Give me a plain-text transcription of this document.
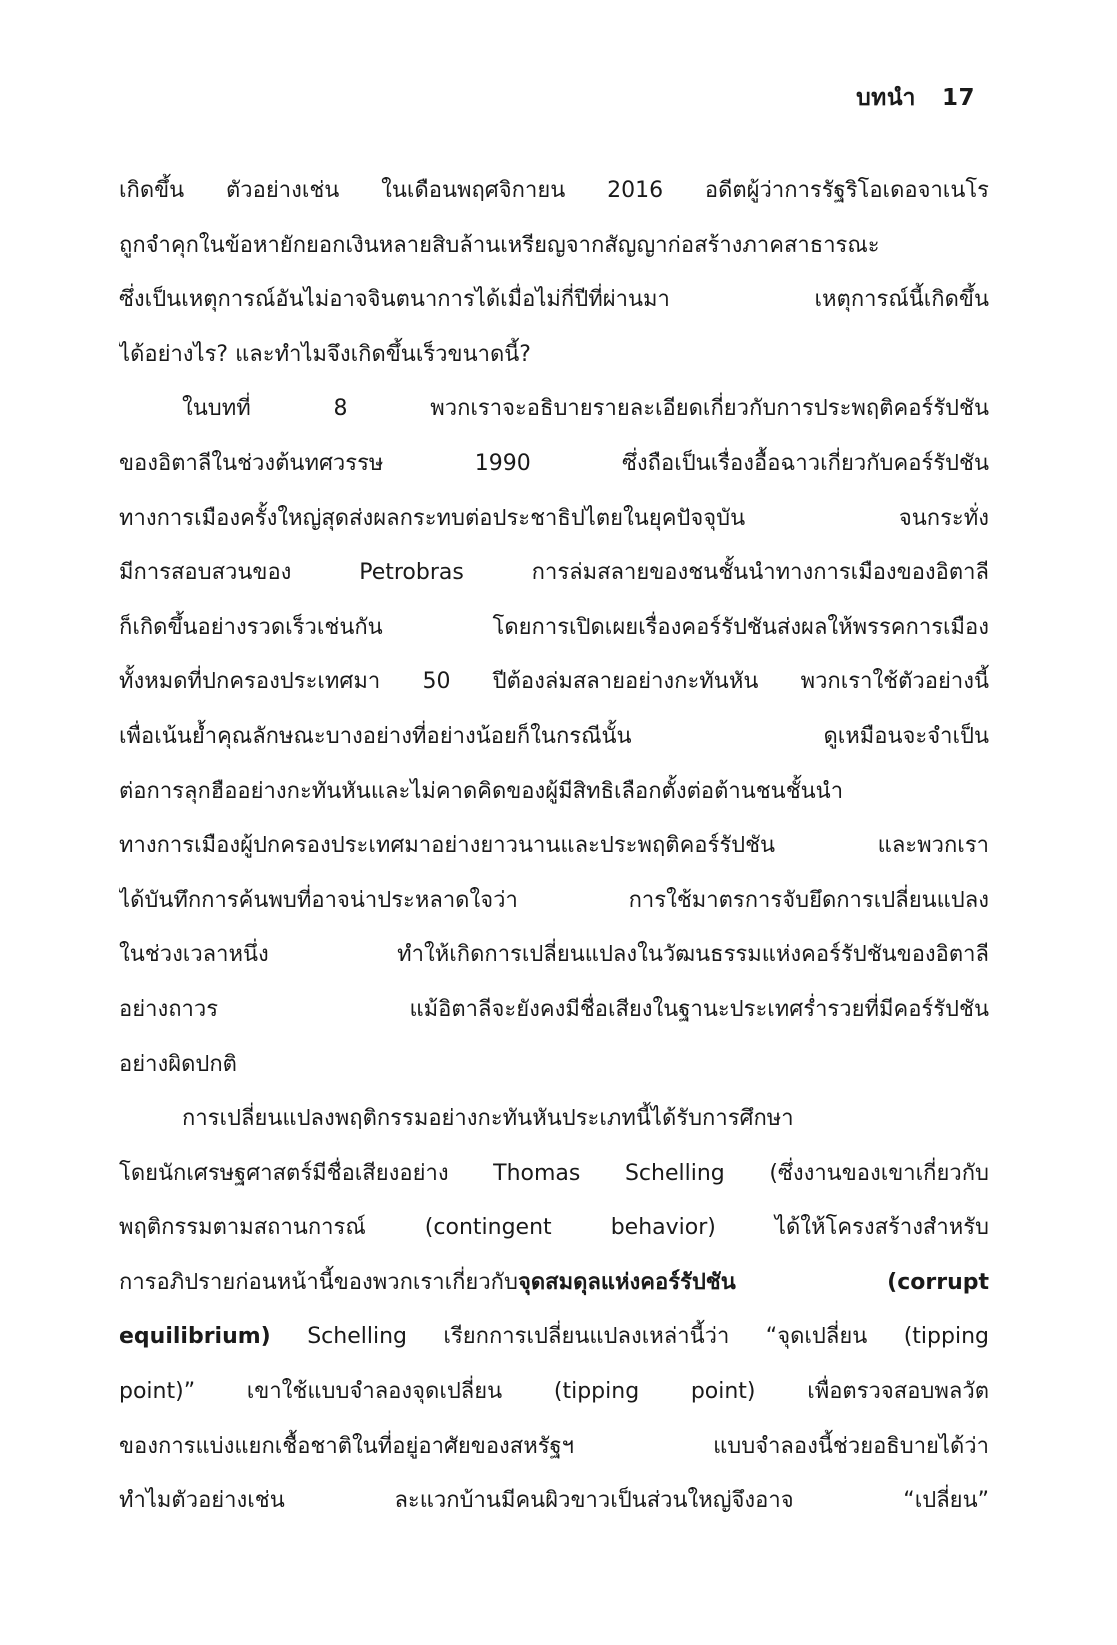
บทนำ 17
เกิดขึ้น ตัวอย่างเช่น ในเดือนพฤศจิกายน 2016 อดีตผู้ว่าการรัฐริโอเดอจาเนโร
ถูกจำคุกในข้อหายักยอกเงินหลายสิบล้านเหรียญจากสัญญาก่อสร้างภาคสาธารณะ
ซึ่งเป็นเหตุการณ์อันไม่อาจจินตนาการได้เมื่อไม่กี่ปีที่ผ่านมา เหตุการณ์นี้เกิดขึ้น
ได้อย่างไร? และทำไมจึงเกิดขึ้นเร็วขนาดนี้?
ในบทที่ 8 พวกเราจะอธิบายรายละเอียดเกี่ยวกับการประพฤติคอร์รัปชัน
ของอิตาลีในช่วงต้นทศวรรษ 1990 ซึ่งถือเป็นเรื่องอื้อฉาวเกี่ยวกับคอร์รัปชัน
ทางการเมืองครั้งใหญ่สุดส่งผลกระทบต่อประชาธิปไตยในยุคปัจจุบัน จนกระทั่ง
มีการสอบสวนของ Petrobras การล่มสลายของชนชั้นนำทางการเมืองของอิตาลี
ก็เกิดขึ้นอย่างรวดเร็วเช่นกัน โดยการเปิดเผยเรื่องคอร์รัปชันส่งผลให้พรรคการเมือง
ทั้งหมดที่ปกครองประเทศมา 50 ปีต้องล่มสลายอย่างกะทันหัน พวกเราใช้ตัวอย่างนี้
เพื่อเน้นย้ำคุณลักษณะบางอย่างที่อย่างน้อยก็ในกรณีนั้น ดูเหมือนจะจำเป็น
ต่อการลุกฮืออย่างกะทันหันและไม่คาดคิดของผู้มีสิทธิเลือกตั้งต่อต้านชนชั้นนำ
ทางการเมืองผู้ปกครองประเทศมาอย่างยาวนานและประพฤติคอร์รัปชัน และพวกเรา
ได้บันทึกการค้นพบที่อาจน่าประหลาดใจว่า การใช้มาตรการจับยึดการเปลี่ยนแปลง
ในช่วงเวลาหนึ่ง ทำให้เกิดการเปลี่ยนแปลงในวัฒนธรรมแห่งคอร์รัปชันของอิตาลี
อย่างถาวร แม้อิตาลีจะยังคงมีชื่อเสียงในฐานะประเทศร่ำรวยที่มีคอร์รัปชัน
อย่างผิดปกติ
การเปลี่ยนแปลงพฤติกรรมอย่างกะทันหันประเภทนี้ได้รับการศึกษา
โดยนักเศรษฐศาสตร์มีชื่อเสียงอย่าง Thomas Schelling (ซึ่งงานของเขาเกี่ยวกับ
พฤติกรรมตามสถานการณ์ (contingent behavior) ได้ให้โครงสร้างสำหรับ
การอภิปรายก่อนหน้านี้ของพวกเราเกี่ยวกับจุดสมดุลแห่งคอร์รัปชัน (corrupt
equilibrium) Schelling เรียกการเปลี่ยนแปลงเหล่านี้ว่า “จุดเปลี่ยน (tipping
point)” เขาใช้แบบจำลองจุดเปลี่ยน (tipping point) เพื่อตรวจสอบพลวัต
ของการแบ่งแยกเชื้อชาติในที่อยู่อาศัยของสหรัฐฯ แบบจำลองนี้ช่วยอธิบายได้ว่า
ทำไมตัวอย่างเช่น ละแวกบ้านมีคนผิวขาวเป็นส่วนใหญ่จึงอาจ “เปลี่ยน”
